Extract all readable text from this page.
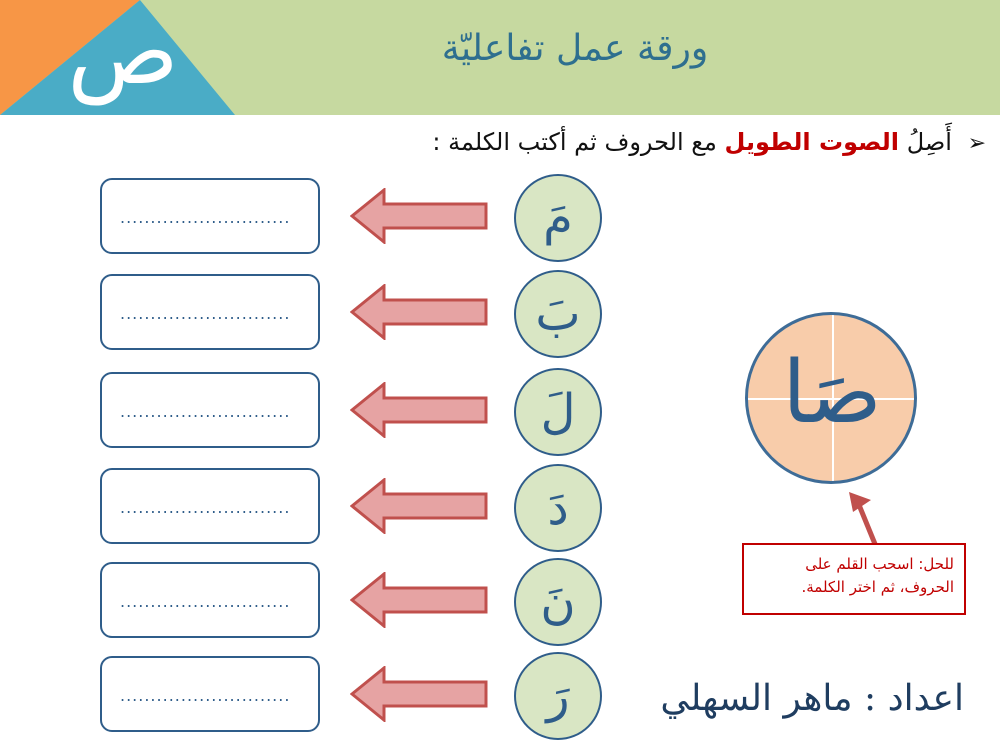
ص	ورقة عمل تفاعليّة
➢ أَصِلُ الصوت الطويل مع الحروف ثم أكتب الكلمة :
............................	مَ
............................	بَ
............................	لَ
............................	دَ
............................	نَ
............................	رَ
صَا
للحل: اسحب القلم على الحروف، ثم اختر الكلمة.
اعداد : ماهر السهلي
